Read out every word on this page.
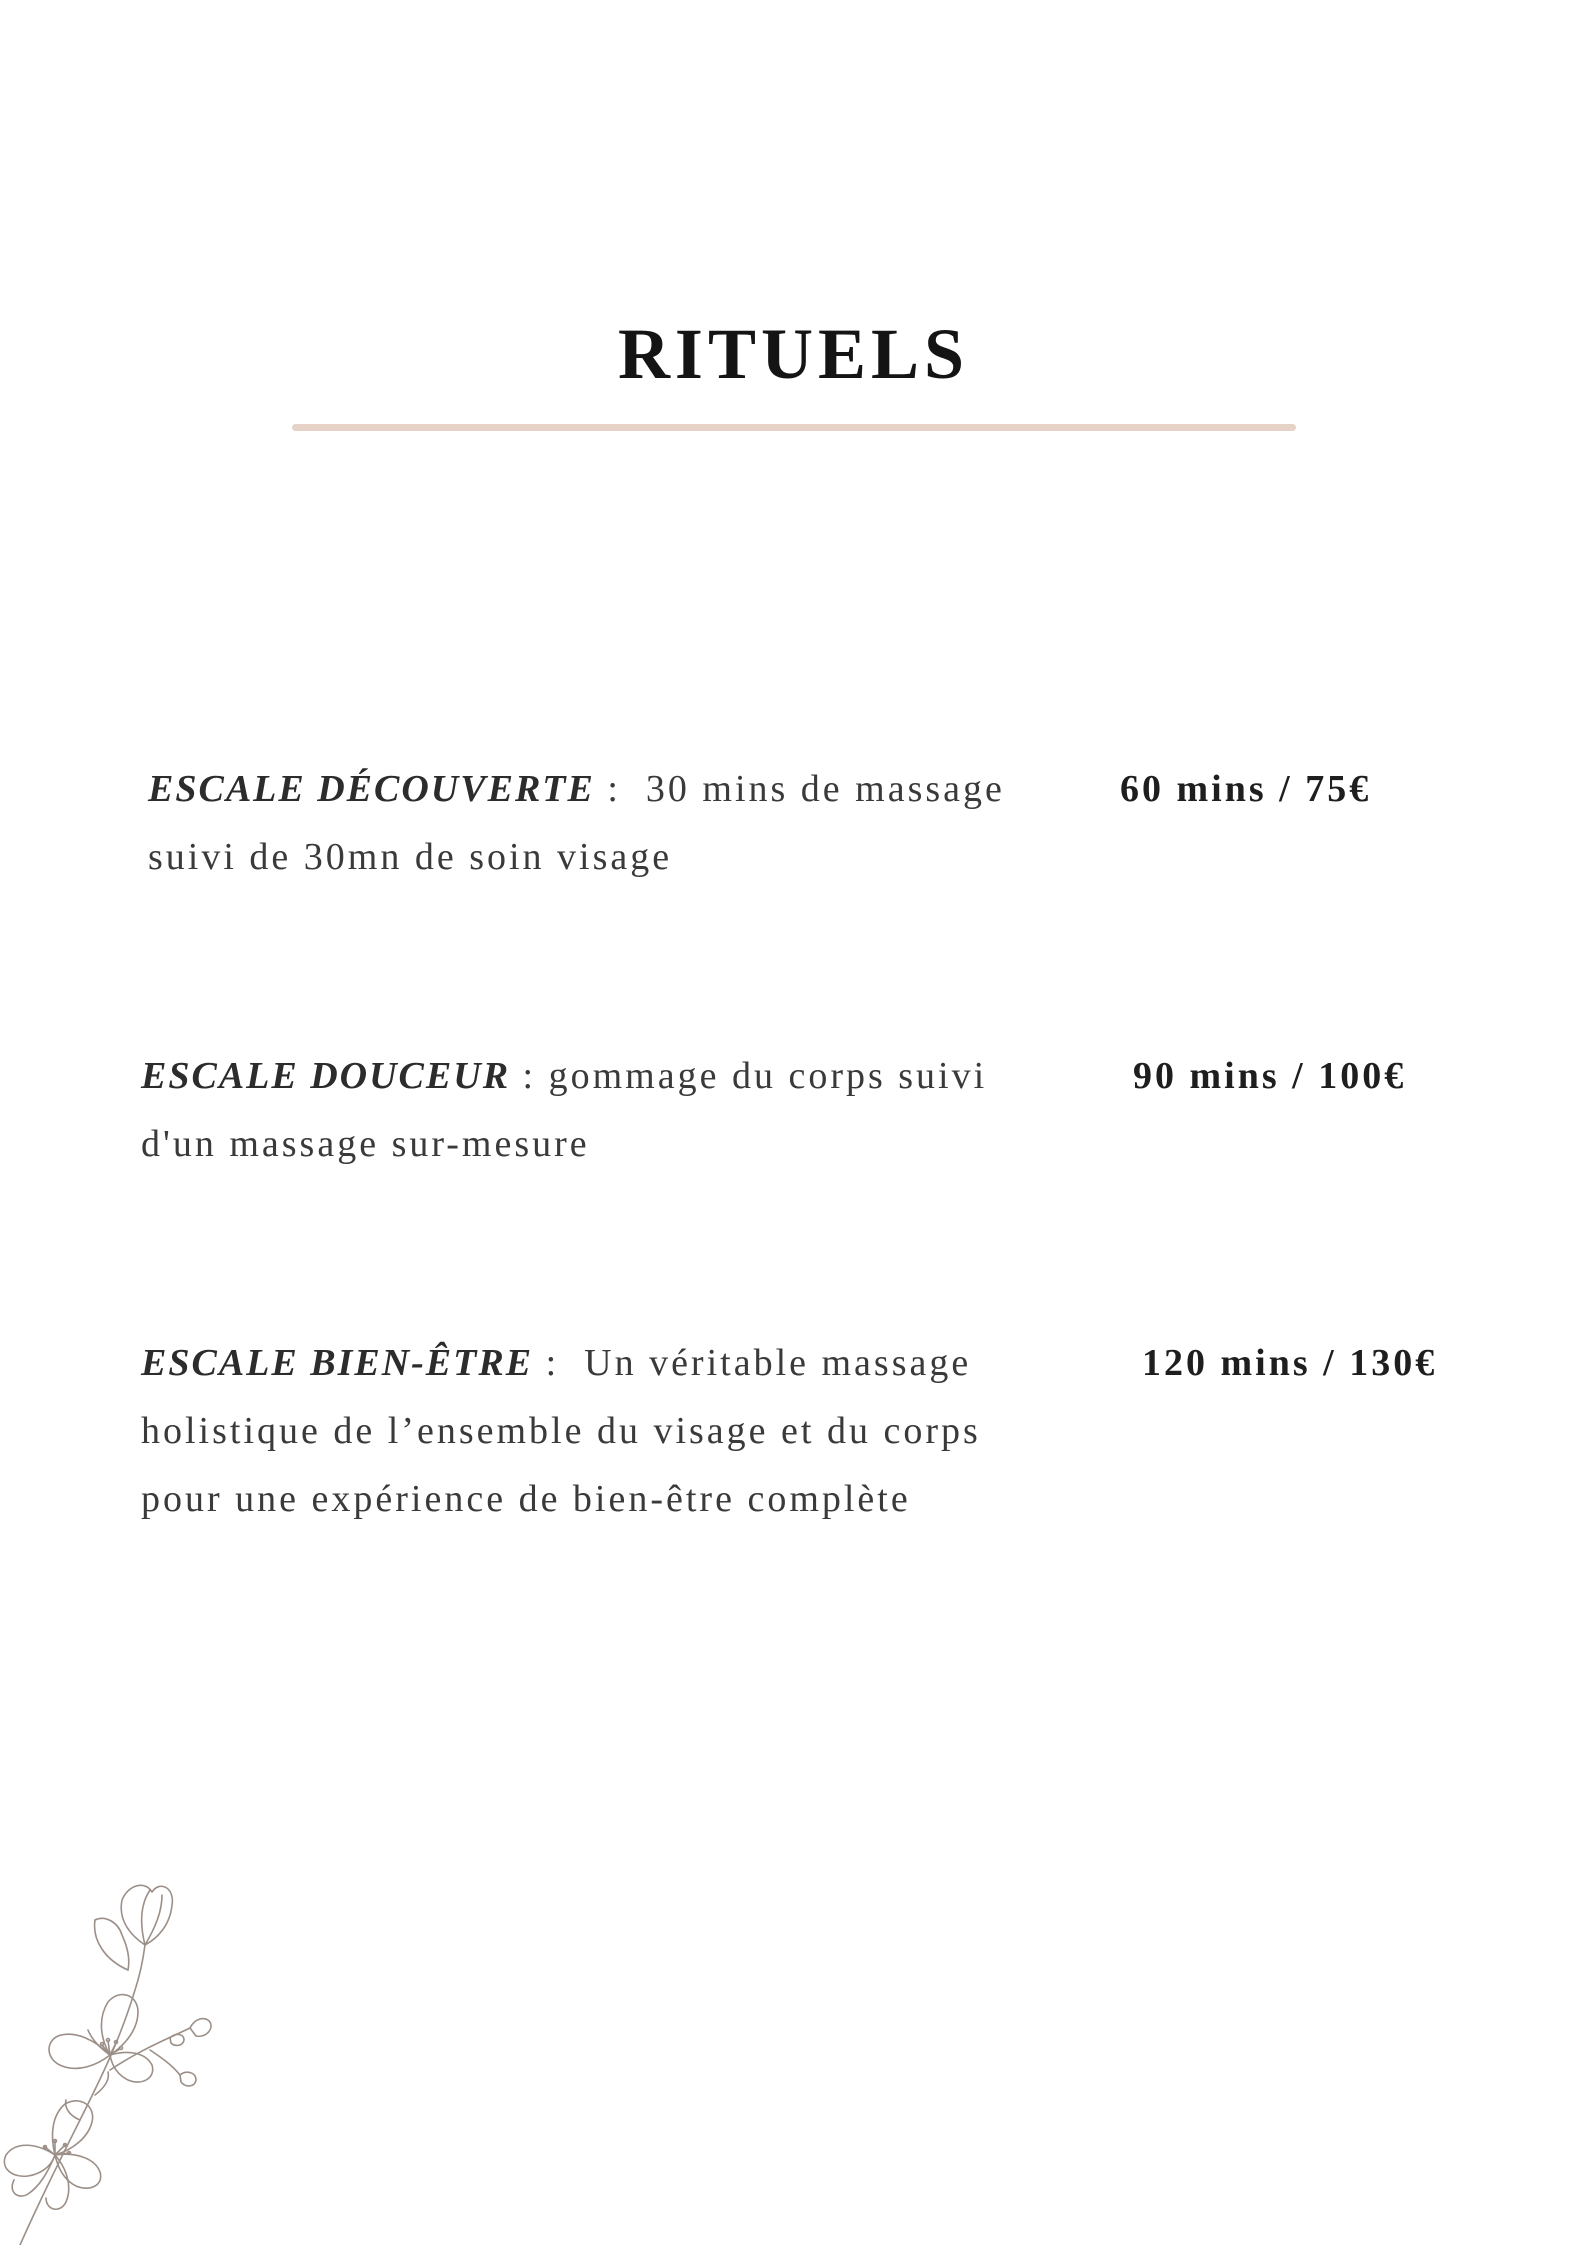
RITUELS
ESCALE DÉCOUVERTE :  30 mins de massage
suivi de 30mn de soin visage
60 mins / 75€
ESCALE DOUCEUR : gommage du corps suivi
d'un massage sur-mesure
90 mins / 100€
ESCALE BIEN-ÊTRE :  Un véritable massage
holistique de l’ensemble du visage et du corps
pour une expérience de bien-être complète
120 mins / 130€
